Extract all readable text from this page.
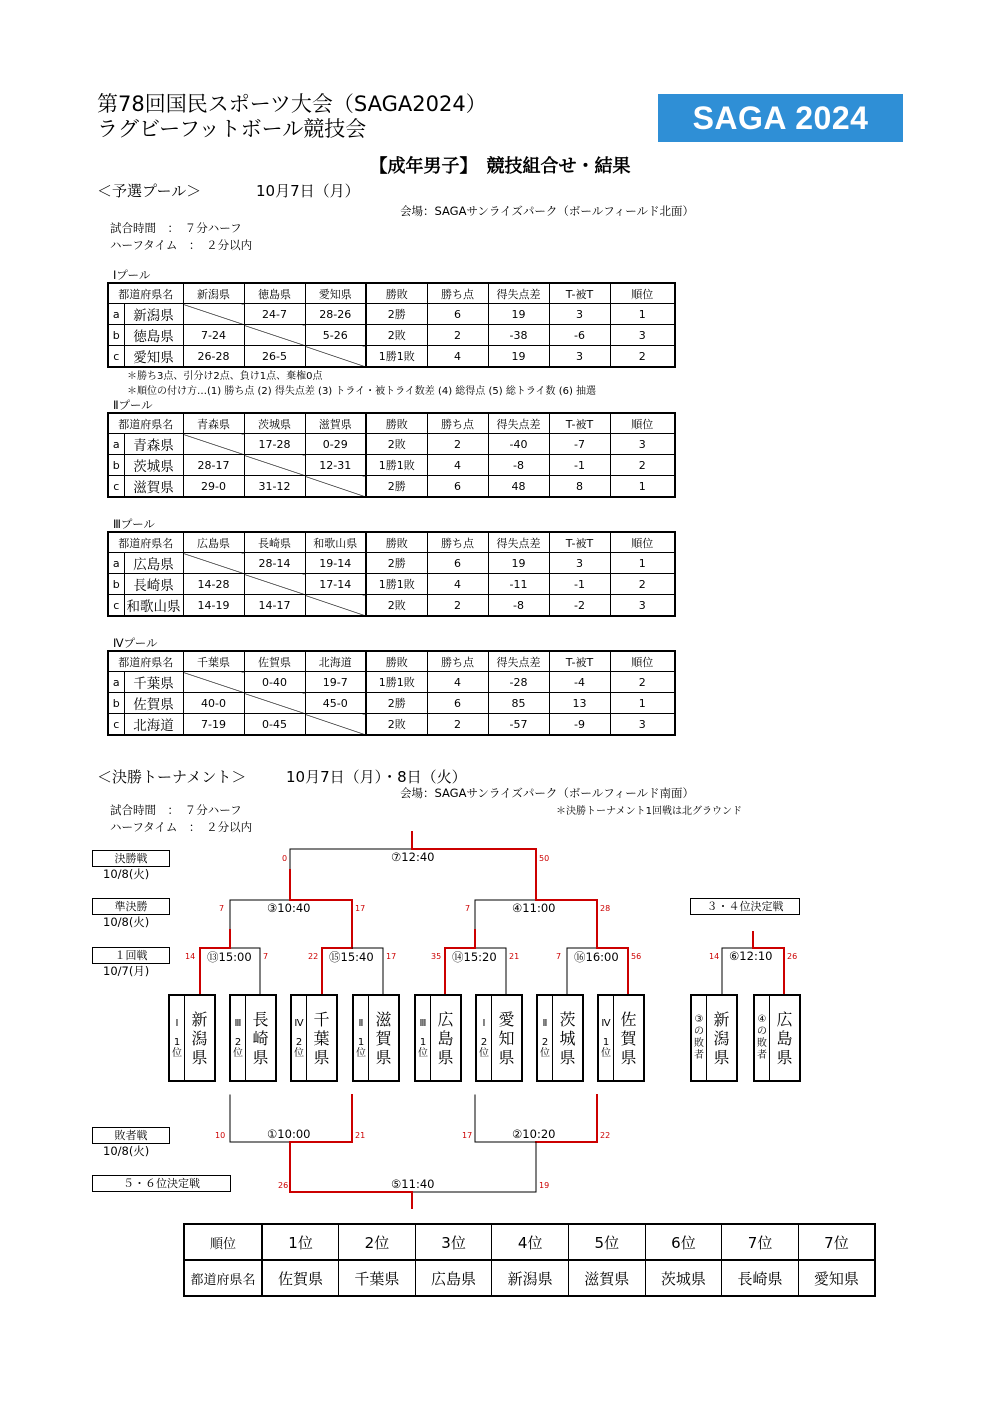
第78回国民スポーツ大会（SAGA2024）
ラグビーフットボール競技会	SAGA 2024
【成年男子】　競技組合せ・結果
＜予選プール＞	10月7日（月）
会場：SAGAサンライズパーク（ボールフィールド北面）
試合時間　：　７分ハーフ
ハーフタイム　：　２分以内
Ⅰプール
都道府県名		新潟県	徳島県	愛知県	勝敗	勝ち点	得失点差	T-被T	順位
a	新潟県		24-7	28-26	2勝	6	19	3	1
b	徳島県	7-24		5-26	2敗	2	-38	-6	3
c	愛知県	26-28	26-5		1勝1敗	4	19	3	2
＊勝ち3点、引分け2点、負け1点、棄権0点
＊順位の付け方…(1) 勝ち点 (2) 得失点差 (3) トライ・被トライ数差 (4) 総得点 (5) 総トライ数 (6) 抽選
Ⅱプール
都道府県名		青森県	茨城県	滋賀県	勝敗	勝ち点	得失点差	T-被T	順位
a	青森県		17-28	0-29	2敗	2	-40	-7	3
b	茨城県	28-17		12-31	1勝1敗	4	-8	-1	2
c	滋賀県	29-0	31-12		2勝	6	48	8	1
Ⅲプール
都道府県名		広島県	長崎県	和歌山県	勝敗	勝ち点	得失点差	T-被T	順位
a	広島県		28-14	19-14	2勝	6	19	3	1
b	長崎県	14-28		17-14	1勝1敗	4	-11	-1	2
c	和歌山県	14-19	14-17		2敗	2	-8	-2	3
Ⅳプール
都道府県名		千葉県	佐賀県	北海道	勝敗	勝ち点	得失点差	T-被T	順位
a	千葉県		0-40	19-7	1勝1敗	4	-28	-4	2
b	佐賀県	40-0		45-0	2勝	6	85	13	1
c	北海道	7-19	0-45		2敗	2	-57	-9	3
＜決勝トーナメント＞	10月7日（月）・8日（火）
会場：SAGAサンライズパーク（ボールフィールド南面）
＊決勝トーナメント1回戦は北グラウンド
試合時間　：　７分ハーフ
ハーフタイム　：　２分以内
決勝戦
10/8(火)
準決勝
10/8(火)
１回戦
10/7(月)
敗者戦
10/8(火)
５・６位決定戦
３・４位決定戦
⑦12:40
③10:40	④11:00
⑬15:00	⑮15:40	⑭15:20	⑯16:00	⑥12:10
①10:00	②10:20
⑤11:40
0	50
7	17	7	28
14	7	22	17	35	21	7	56	14	26
10	21	17	22
26	19
Ⅰ
1
位
新
潟
県
Ⅲ
2
位
長
崎
県
Ⅳ
2
位
千
葉
県
Ⅱ
1
位
滋
賀
県
Ⅲ
1
位
広
島
県
Ⅰ
2
位
愛
知
県
Ⅱ
2
位
茨
城
県
Ⅳ
1
位
佐
賀
県
③
の
敗
者
新
潟
県
④
の
敗
者
広
島
県
順位	1位	2位	3位	4位	5位	6位	7位	7位
都道府県名	佐賀県	千葉県	広島県	新潟県	滋賀県	茨城県	長崎県	愛知県
